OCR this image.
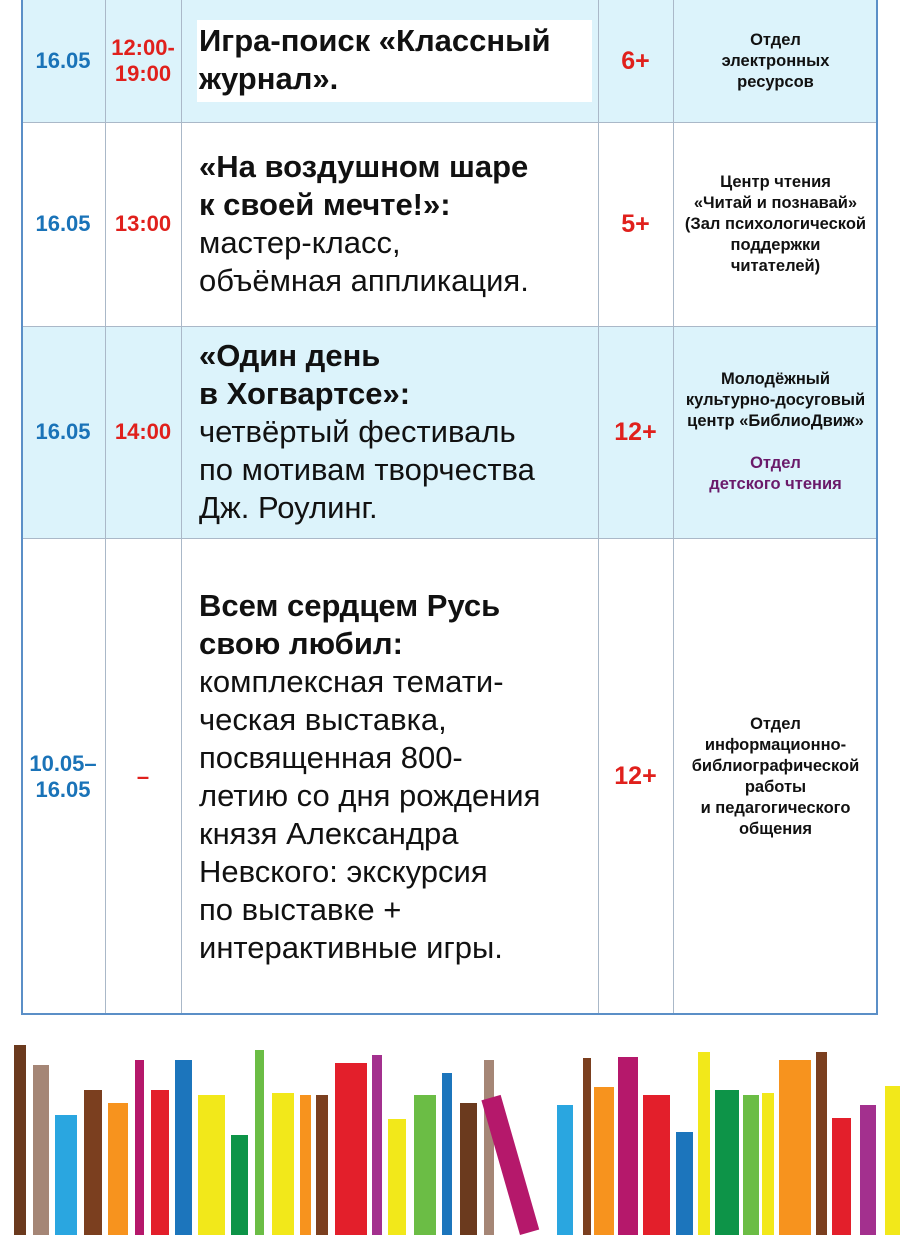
16.05
12:00-
19:00
Игра-поиск «Классный журнал».
6+
Отдел
электронных
ресурсов
16.05	13:00
«На воздушном шаре
к своей мечте!»:
мастер-класс,
объёмная аппликация.
5+
Центр чтения
«Читай и познавай»
(Зал психологической
поддержки
читателей)
16.05	14:00
«Один день
в Хогвартсе»:
четвёртый фестиваль
по мотивам творчества
Дж. Роулинг.
12+
Молодёжный
культурно-досуговый
центр «БиблиоДвиж»
Отдел
детского чтения
10.05–
16.05
–
Всем сердцем Русь
свою любил:
комплексная темати-
ческая выставка,
посвященная 800-
летию со дня рождения
князя Александра
Невского: экскурсия
по выставке +
интерактивные игры.
12+
Отдел
информационно-
библиографической
работы
и педагогического
общения
